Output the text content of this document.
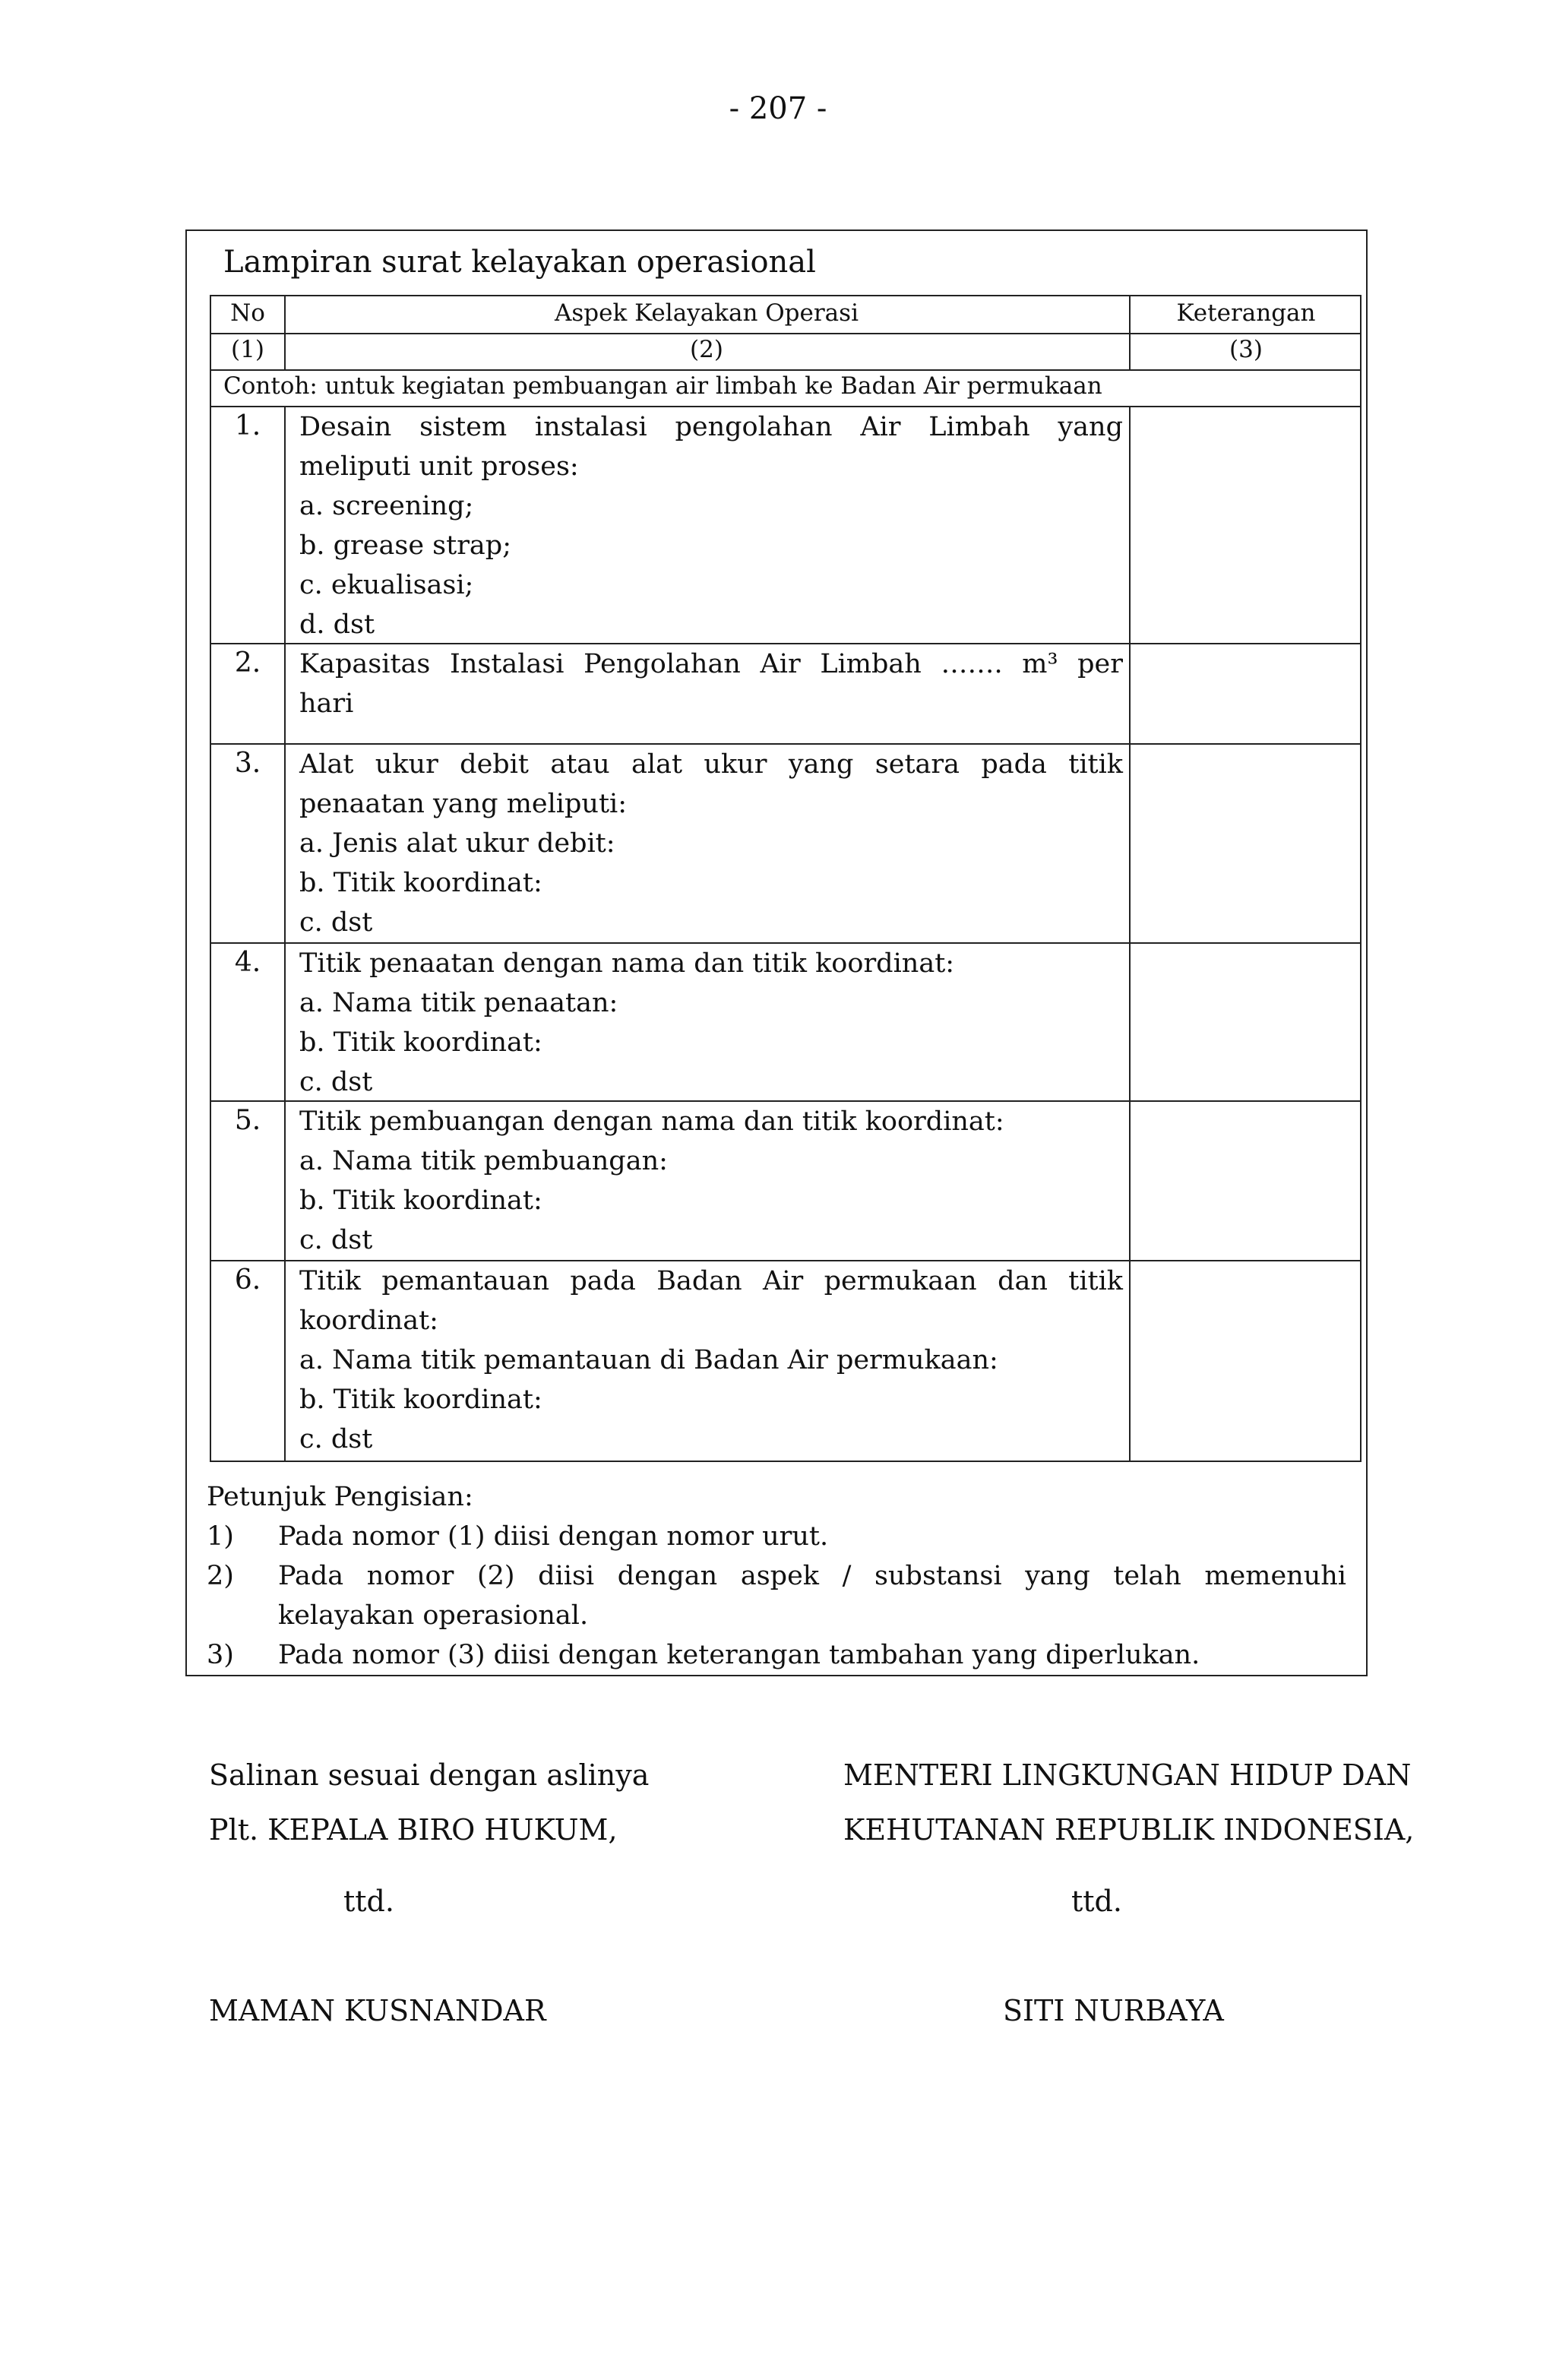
- 207 -
Lampiran surat kelayakan operasional
No	Aspek Kelayakan Operasi	Keterangan
(1)	(2)	(3)
Contoh: untuk kegiatan pembuangan air limbah ke Badan Air permukaan
1.	Desain sistem instalasi pengolahan Air Limbah yang
meliputi unit proses:
a. screening;
b. grease strap;
c. ekualisasi;
d. dst
2.	Kapasitas Instalasi Pengolahan Air Limbah ……. m³ per
hari
3.	Alat ukur debit atau alat ukur yang setara pada titik
penaatan yang meliputi:
a. Jenis alat ukur debit:
b. Titik koordinat:
c. dst
4.	Titik penaatan dengan nama dan titik koordinat:
a. Nama titik penaatan:
b. Titik koordinat:
c. dst
5.	Titik pembuangan dengan nama dan titik koordinat:
a. Nama titik pembuangan:
b. Titik koordinat:
c. dst
6.	Titik pemantauan pada Badan Air permukaan dan titik
koordinat:
a. Nama titik pemantauan di Badan Air permukaan:
b. Titik koordinat:
c. dst
Petunjuk Pengisian:
1) Pada nomor (1) diisi dengan nomor urut.
2) Pada nomor (2) diisi dengan aspek / substansi yang telah memenuhi
kelayakan operasional.
3) Pada nomor (3) diisi dengan keterangan tambahan yang diperlukan.
Salinan sesuai dengan aslinya
Plt. KEPALA BIRO HUKUM,
ttd.
MAMAN KUSNANDAR
MENTERI LINGKUNGAN HIDUP DAN
KEHUTANAN REPUBLIK INDONESIA,
ttd.
SITI NURBAYA
